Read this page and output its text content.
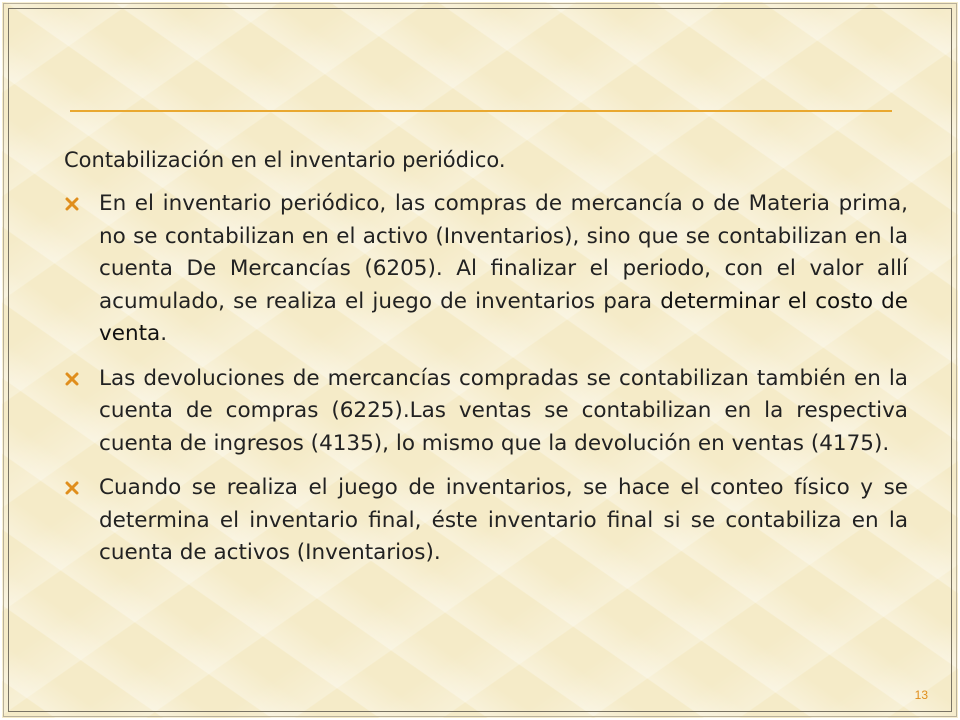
Contabilización en el inventario periódico.
En el inventario periódico, las compras de mercancía o de Materia prima, no se contabilizan en el activo (Inventarios), sino que se contabilizan en la cuenta De Mercancías (6205). Al finalizar el periodo, con el valor allí acumulado, se realiza el juego de inventarios para determinar el costo de venta.
Las devoluciones de mercancías compradas se contabilizan también en la cuenta de compras (6225).Las ventas se contabilizan en la respectiva cuenta de ingresos (4135), lo mismo que la devolución en ventas (4175).
Cuando se realiza el juego de inventarios, se hace el conteo físico y se determina el inventario final, éste inventario final si se contabiliza en la cuenta de activos (Inventarios).
13
